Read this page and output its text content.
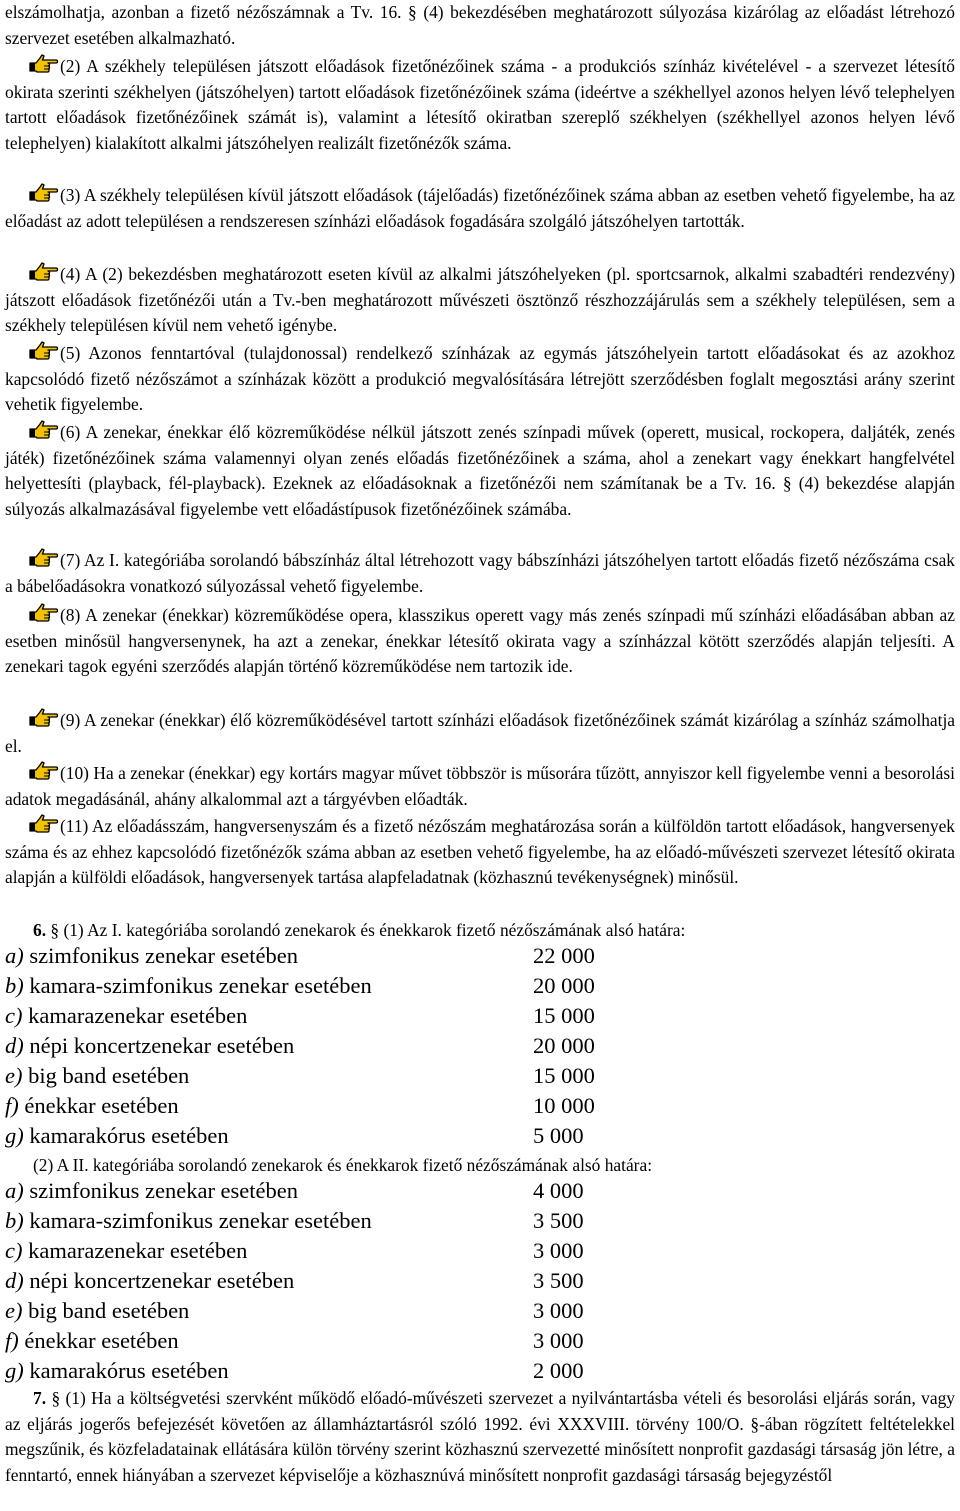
elszámolhatja, azonban a fizető nézőszámnak a Tv. 16. § (4) bekezdésében meghatározott súlyozása kizárólag az előadást létrehozó szervezet esetében alkalmazható.

(2) A székhely településen játszott előadások fizetőnézőinek száma - a produkciós színház kivételével - a szervezet létesítő okirata szerinti székhelyen (játszóhelyen) tartott előadások fizetőnézőinek száma (ideértve a székhellyel azonos helyen lévő telephelyen tartott előadások fizetőnézőinek számát is), valamint a létesítő okiratban szereplő székhelyen (székhellyel azonos helyen lévő telephelyen) kialakított alkalmi játszóhelyen realizált fizetőnézők száma.

(3) A székhely településen kívül játszott előadások (tájelőadás) fizetőnézőinek száma abban az esetben vehető figyelembe, ha az előadást az adott településen a rendszeresen színházi előadások fogadására szolgáló játszóhelyen tartották.

(4) A (2) bekezdésben meghatározott eseten kívül az alkalmi játszóhelyeken (pl. sportcsarnok, alkalmi szabadtéri rendezvény) játszott előadások fizetőnézői után a Tv.-ben meghatározott művészeti ösztönző részhozzájárulás sem a székhely településen, sem a székhely településen kívül nem vehető igénybe.

(5) Azonos fenntartóval (tulajdonossal) rendelkező színházak az egymás játszóhelyein tartott előadásokat és az azokhoz kapcsolódó fizető nézőszámot a színházak között a produkció megvalósítására létrejött szerződésben foglalt megosztási arány szerint vehetik figyelembe.

(6) A zenekar, énekkar élő közreműködése nélkül játszott zenés színpadi művek (operett, musical, rockopera, daljáték, zenés játék) fizetőnézőinek száma valamennyi olyan zenés előadás fizetőnézőinek a száma, ahol a zenekart vagy énekkart hangfelvétel helyettesíti (playback, fél-playback). Ezeknek az előadásoknak a fizetőnézői nem számítanak be a Tv. 16. § (4) bekezdése alapján súlyozás alkalmazásával figyelembe vett előadástípusok fizetőnézőinek számába.

(7) Az I. kategóriába sorolandó bábszínház által létrehozott vagy bábszínházi játszóhelyen tartott előadás fizető nézőszáma csak a bábelőadásokra vonatkozó súlyozással vehető figyelembe.

(8) A zenekar (énekkar) közreműködése opera, klasszikus operett vagy más zenés színpadi mű színházi előadásában abban az esetben minősül hangversenynek, ha azt a zenekar, énekkar létesítő okirata vagy a színházzal kötött szerződés alapján teljesíti. A zenekari tagok egyéni szerződés alapján történő közreműködése nem tartozik ide.

(9) A zenekar (énekkar) élő közreműködésével tartott színházi előadások fizetőnézőinek számát kizárólag a színház számolhatja el.

(10) Ha a zenekar (énekkar) egy kortárs magyar művet többször is műsorára tűzött, annyiszor kell figyelembe venni a besorolási adatok megadásánál, ahány alkalommal azt a tárgyévben előadták.

(11) Az előadásszám, hangversenyszám és a fizető nézőszám meghatározása során a külföldön tartott előadások, hangversenyek száma és az ehhez kapcsolódó fizetőnézők száma abban az esetben vehető figyelembe, ha az előadó-művészeti szervezet létesítő okirata alapján a külföldi előadások, hangversenyek tartása alapfeladatnak (közhasznú tevékenységnek) minősül.

6. § (1) Az I. kategóriába sorolandó zenekarok és énekkarok fizető nézőszámának alsó határa:
a) szimfonikus zenekar esetében	22 000
b) kamara-szimfonikus zenekar esetében	20 000
c) kamarazenekar esetében	15 000
d) népi koncertzenekar esetében	20 000
e) big band esetében	15 000
f) énekkar esetében	10 000
g) kamarakórus esetében	5 000
(2) A II. kategóriába sorolandó zenekarok és énekkarok fizető nézőszámának alsó határa:
a) szimfonikus zenekar esetében	4 000
b) kamara-szimfonikus zenekar esetében	3 500
c) kamarazenekar esetében	3 000
d) népi koncertzenekar esetében	3 500
e) big band esetében	3 000
f) énekkar esetében	3 000
g) kamarakórus esetében	2 000

7. § (1) Ha a költségvetési szervként működő előadó-művészeti szervezet a nyilvántartásba vételi és besorolási eljárás során, vagy az eljárás jogerős befejezését követően az államháztartásról szóló 1992. évi XXXVIII. törvény 100/O. §-ában rögzített feltételekkel megszűnik, és közfeladatainak ellátására külön törvény szerint közhasznú szervezetté minősített nonprofit gazdasági társaság jön létre, a fenntartó, ennek hiányában a szervezet képviselője a közhasznúvá minősített nonprofit gazdasági társaság bejegyzéstől
